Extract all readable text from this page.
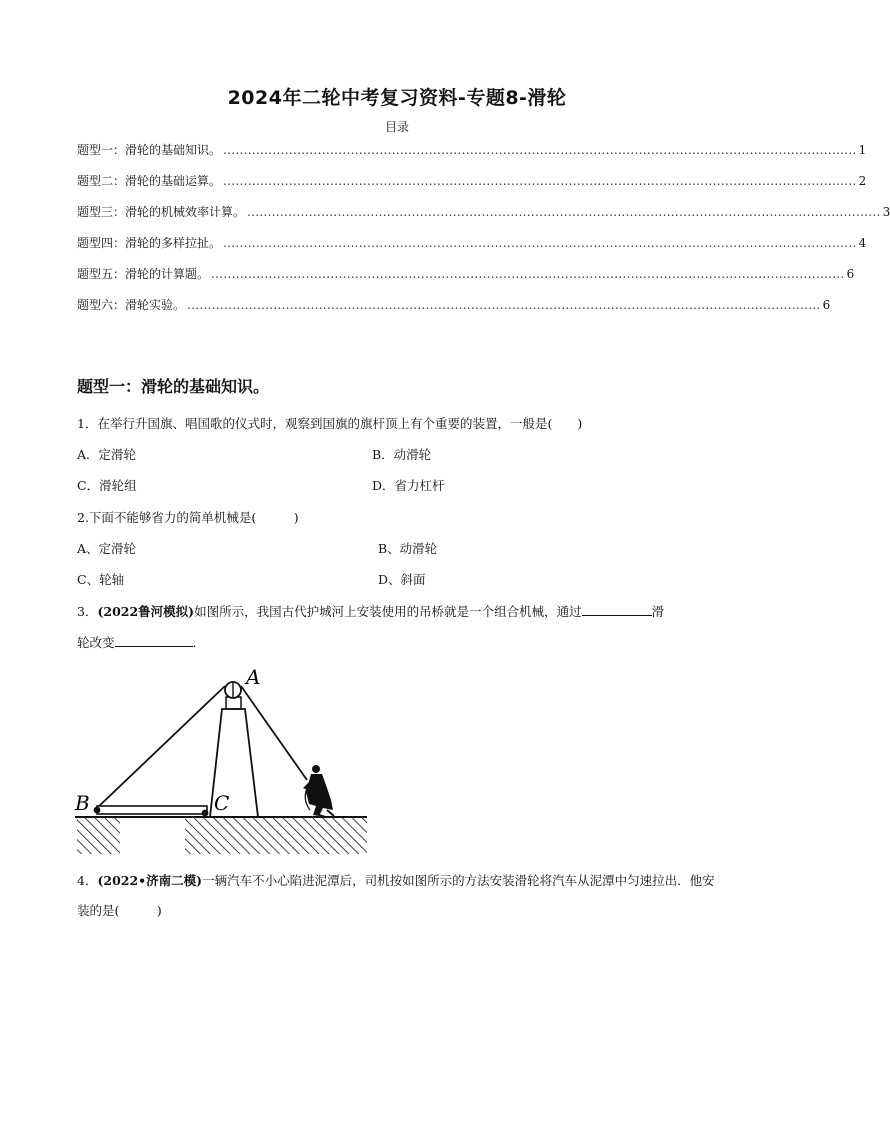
2024年二轮中考复习资料-专题8-滑轮
目录
题型一：滑轮的基础知识。 .......................................................................................................................................................... 1
题型二：滑轮的基础运算。 .......................................................................................................................................................... 2
题型三：滑轮的机械效率计算。 .......................................................................................................................................................... 3
题型四：滑轮的多样拉扯。 .......................................................................................................................................................... 4
题型五：滑轮的计算题。 .......................................................................................................................................................... 6
题型六：滑轮实验。 .......................................................................................................................................................... 6
题型一：滑轮的基础知识。
1．在举行升国旗、唱国歌的仪式时，观察到国旗的旗杆顶上有个重要的装置，一般是(　　)
A．定滑轮	B．动滑轮
C．滑轮组	D．省力杠杆
2.下面不能够省力的简单机械是(　　　)
A、定滑轮	B、动滑轮
C、轮轴	D、斜面
3．(2022鲁河模拟)如图所示，我国古代护城河上安装使用的吊桥就是一个组合机械，通过	滑
轮改变	.
A
B	C
4．(2022•济南二模)一辆汽车不小心陷进泥潭后，司机按如图所示的方法安装滑轮将汽车从泥潭中匀速拉出．他安装的是(　　　)
